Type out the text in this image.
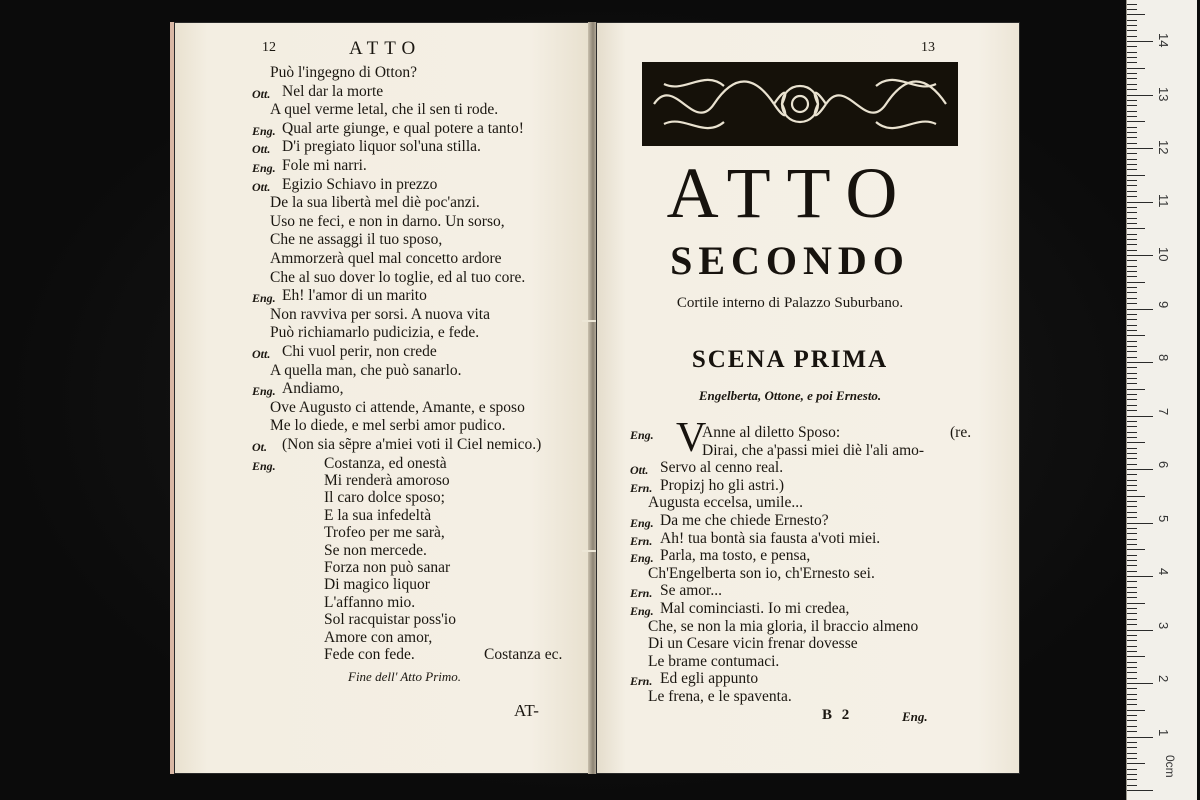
12	ATTO
Può l'ingegno di Otton?
Ott. Nel dar la morte
A quel verme letal, che il sen ti rode.
Eng. Qual arte giunge, e qual potere a tanto!
Ott. D'i pregiato liquor sol'una stilla.
Eng. Fole mi narri.
Ott. Egizio Schiavo in prezzo
De la sua libertà mel diè poc'anzi.
Uso ne feci, e non in darno. Un sorso,
Che ne assaggi il tuo sposo,
Ammorzerà quel mal concetto ardore
Che al suo dover lo toglie, ed al tuo core.
Eng. Eh! l'amor di un marito
Non ravviva per sorsi. A nuova vita
Può richiamarlo pudicizia, e fede.
Ott. Chi vuol perir, non crede
A quella man, che può sanarlo.
Eng. Andiamo,
Ove Augusto ci attende, Amante, e sposo
Me lo diede, e mel serbi amor pudico.
Ot. (Non sia sẽpre a'miei voti il Ciel nemico.)
Eng.	Costanza, ed onestà
Mi renderà amoroso
Il caro dolce sposo;
E la sua infedeltà
Trofeo per me sarà,
Se non mercede.
Forza non può sanar
Di magico liquor
L'affanno mio.
Sol racquistar poss'io
Amore con amor,
Fede con fede.	Costanza ec.
Fine dell' Atto Primo.
AT-
13
ATTO
SECONDO
Cortile interno di Palazzo Suburbano.
SCENA PRIMA
Engelberta, Ottone, e poi Ernesto.
V
Eng.	Anne al diletto Sposo:	(re.
Dirai, che a'passi miei diè l'ali amo-
Ott. Servo al cenno real.
Ern. Propizj ho gli astri.)
Augusta eccelsa, umile...
Eng. Da me che chiede Ernesto?
Ern. Ah! tua bontà sia fausta a'voti miei.
Eng. Parla, ma tosto, e pensa,
Ch'Engelberta son io, ch'Ernesto sei.
Ern. Se amor...
Eng. Mal cominciasti. Io mi credea,
Che, se non la mia gloria, il braccio almeno
Di un Cesare vicin frenar dovesse
Le brame contumaci.
Ern. Ed egli appunto
Le frena, e le spaventa.
B 2	Eng.
0cm
14
13
12
11
10
9
8
7
6
5
4
3
2
1
